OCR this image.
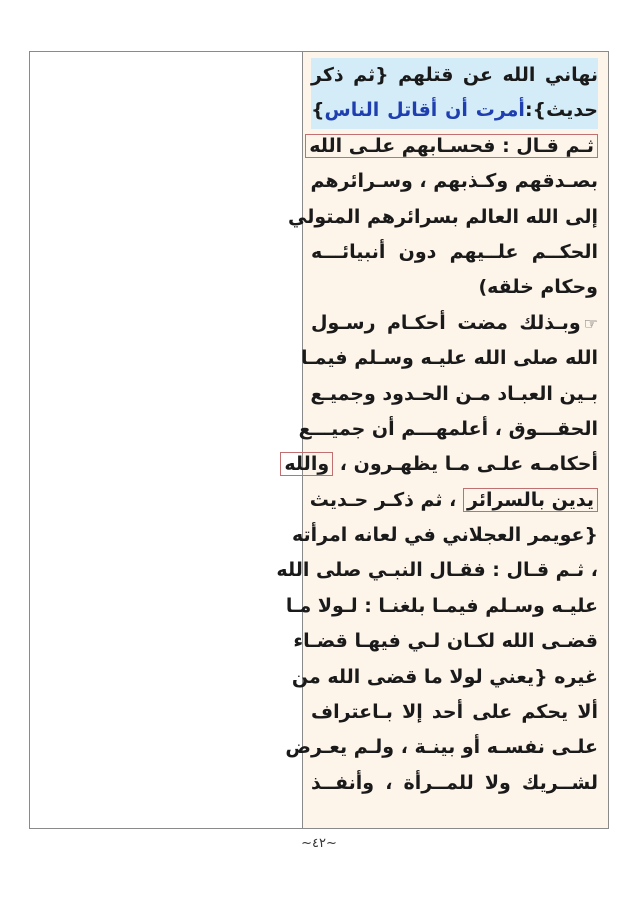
نهاني الله عن قتلهم {ثم ذكر
حديث}:أمرت أن أقاتل الناس}
ثـم قـال : فحسـابهم علـى الله
بصـدقهم وكـذبهم ، وسـرائرهم
إلى الله العالم بسرائرهم المتولي
الحكــم علــيهم دون أنبيائـــه
وحكام خلقه)
☞وبـذلك مضت أحكـام رسـول
الله صلى الله عليـه وسـلم فيمـا
بـين العبـاد مـن الحـدود وجميـع
الحقـــوق ، أعلمهـــم أن جميـــع
أحكامـه علـى مـا يظهـرون ، والله
يدين بالسرائر ، ثم ذكـر حـديث
{عويمر العجلاني في لعانه امرأته
، ثـم قـال : فقـال النبـي صلى الله
عليـه وسـلم فيمـا بلغنـا : لـولا مـا
قضـى الله لكـان لـي فيهـا قضـاء
غيره {يعني لولا ما قضى الله من
ألا يحكم على أحد إلا بـاعتراف
علـى نفسـه أو بينـة ، ولـم يعـرض
لشــريك ولا للمــرأة ، وأنفــذ
~٤٢~
